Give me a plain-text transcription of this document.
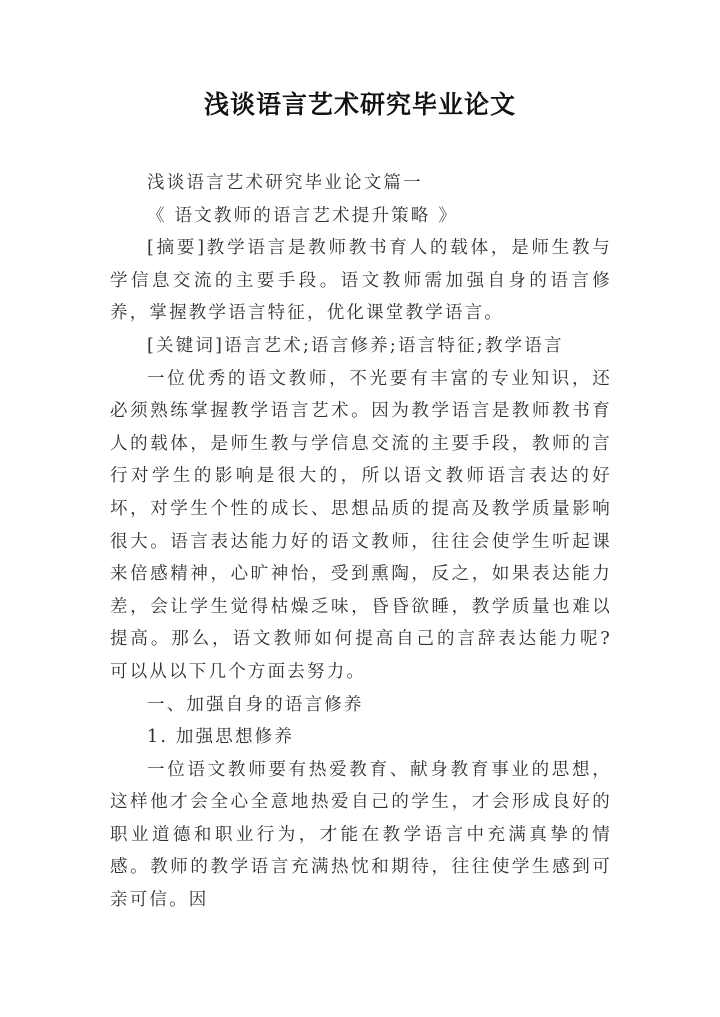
浅谈语言艺术研究毕业论文

浅谈语言艺术研究毕业论文篇一

《 语文教师的语言艺术提升策略 》

[摘要]教学语言是教师教书育人的载体，是师生教与学信息交流的主要手段。语文教师需加强自身的语言修养，掌握教学语言特征，优化课堂教学语言。

[关键词]语言艺术;语言修养;语言特征;教学语言

一位优秀的语文教师，不光要有丰富的专业知识，还必须熟练掌握教学语言艺术。因为教学语言是教师教书育人的载体，是师生教与学信息交流的主要手段，教师的言行对学生的影响是很大的，所以语文教师语言表达的好坏，对学生个性的成长、思想品质的提高及教学质量影响很大。语言表达能力好的语文教师，往往会使学生听起课来倍感精神，心旷神怡，受到熏陶，反之，如果表达能力差，会让学生觉得枯燥乏味，昏昏欲睡，教学质量也难以提高。那么，语文教师如何提高自己的言辞表达能力呢?可以从以下几个方面去努力。

一、加强自身的语言修养

1. 加强思想修养

一位语文教师要有热爱教育、献身教育事业的思想，这样他才会全心全意地热爱自己的学生，才会形成良好的职业道德和职业行为，才能在教学语言中充满真挚的情感。教师的教学语言充满热忱和期待，往往使学生感到可亲可信。因
